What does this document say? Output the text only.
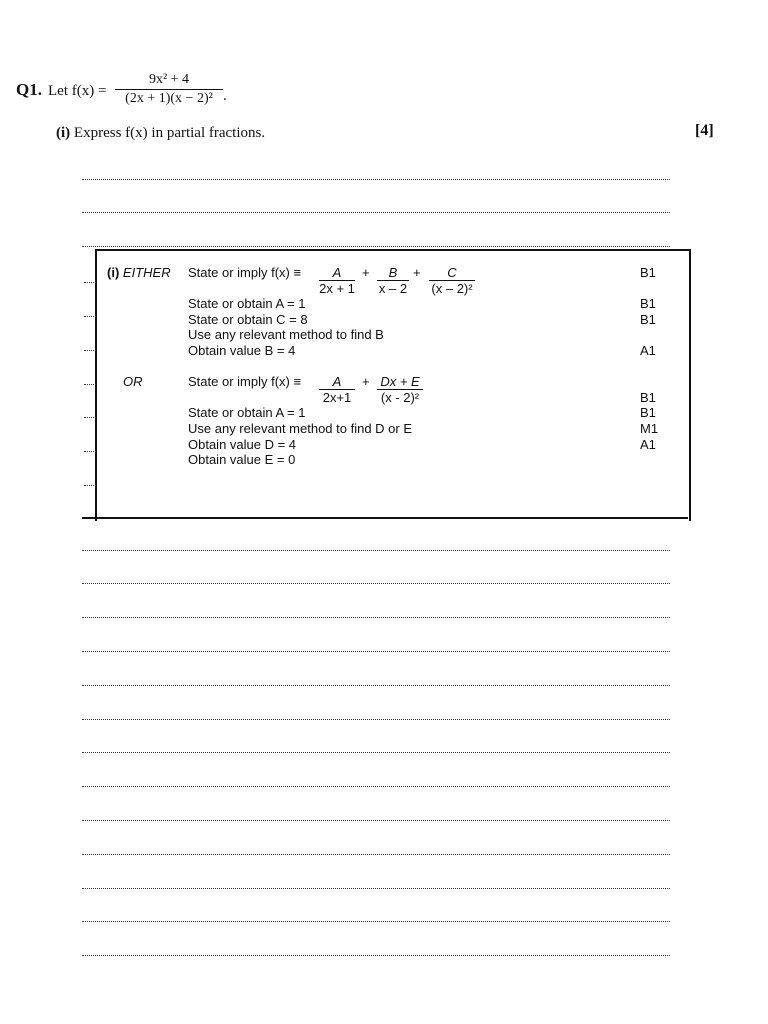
Q1. Let $f(x) = \frac{\text{9x² + 4}}{\text{(2x + 1)(x − 2)²}}$ .
(i) Express f(x) in partial fractions.	[4]
(i) EITHER State or imply $f(x) \equiv \frac{A}{2x + 1} + \frac{B}{x - 2} + \frac{C}{\text{(x – 2)²}}$	B1
State or obtain A = 1	B1
State or obtain C = 8	B1
Use any relevant method to find B
Obtain value B = 4	A1
OR	State or imply $f(x) \equiv \frac{A}{2x+1} + \frac{Dx + E}{\text{(x - 2)²}}$	B1
State or obtain A = 1	B1
Use any relevant method to find D or E	M1
Obtain value D = 4	A1
Obtain value E = 0
